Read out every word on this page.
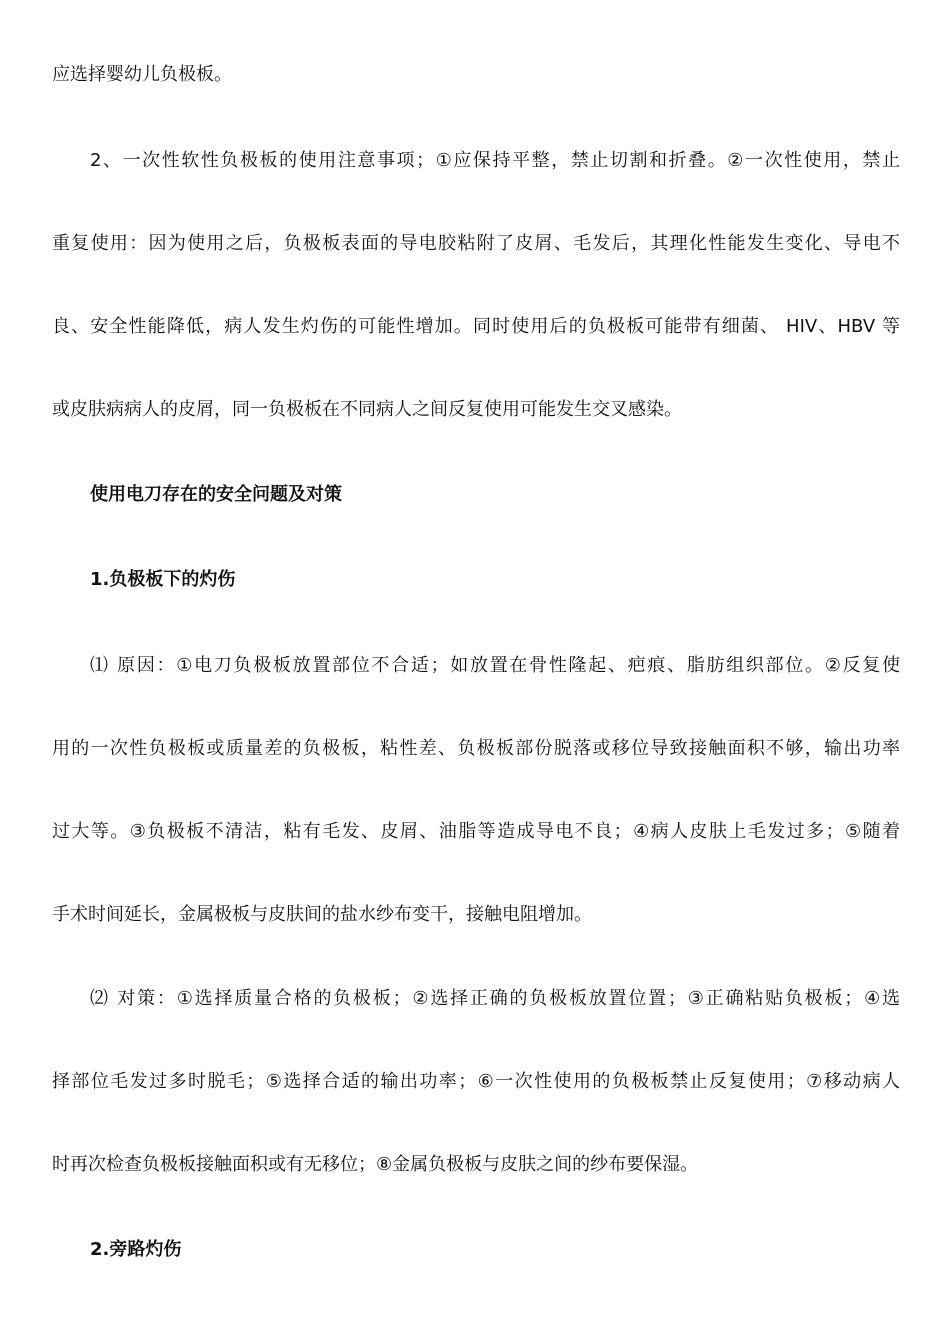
应选择婴幼儿负极板。
2、一次性软性负极板的使用注意事项；①应保持平整，禁止切割和折叠。②一次性使用，禁止
重复使用：因为使用之后，负极板表面的导电胶粘附了皮屑、毛发后，其理化性能发生变化、导电不
良、安全性能降低，病人发生灼伤的可能性增加。同时使用后的负极板可能带有细菌、 HIV、HBV 等
或皮肤病病人的皮屑，同一负极板在不同病人之间反复使用可能发生交叉感染。
使用电刀存在的安全问题及对策
1.负极板下的灼伤
⑴ 原因：①电刀负极板放置部位不合适；如放置在骨性隆起、疤痕、脂肪组织部位。②反复使
用的一次性负极板或质量差的负极板，粘性差、负极板部份脱落或移位导致接触面积不够，输出功率
过大等。③负极板不清洁，粘有毛发、皮屑、油脂等造成导电不良；④病人皮肤上毛发过多；⑤随着
手术时间延长，金属极板与皮肤间的盐水纱布变干，接触电阻增加。
⑵ 对策：①选择质量合格的负极板；②选择正确的负极板放置位置；③正确粘贴负极板；④选
择部位毛发过多时脱毛；⑤选择合适的输出功率；⑥一次性使用的负极板禁止反复使用；⑦移动病人
时再次检查负极板接触面积或有无移位；⑧金属负极板与皮肤之间的纱布要保湿。
2.旁路灼伤
